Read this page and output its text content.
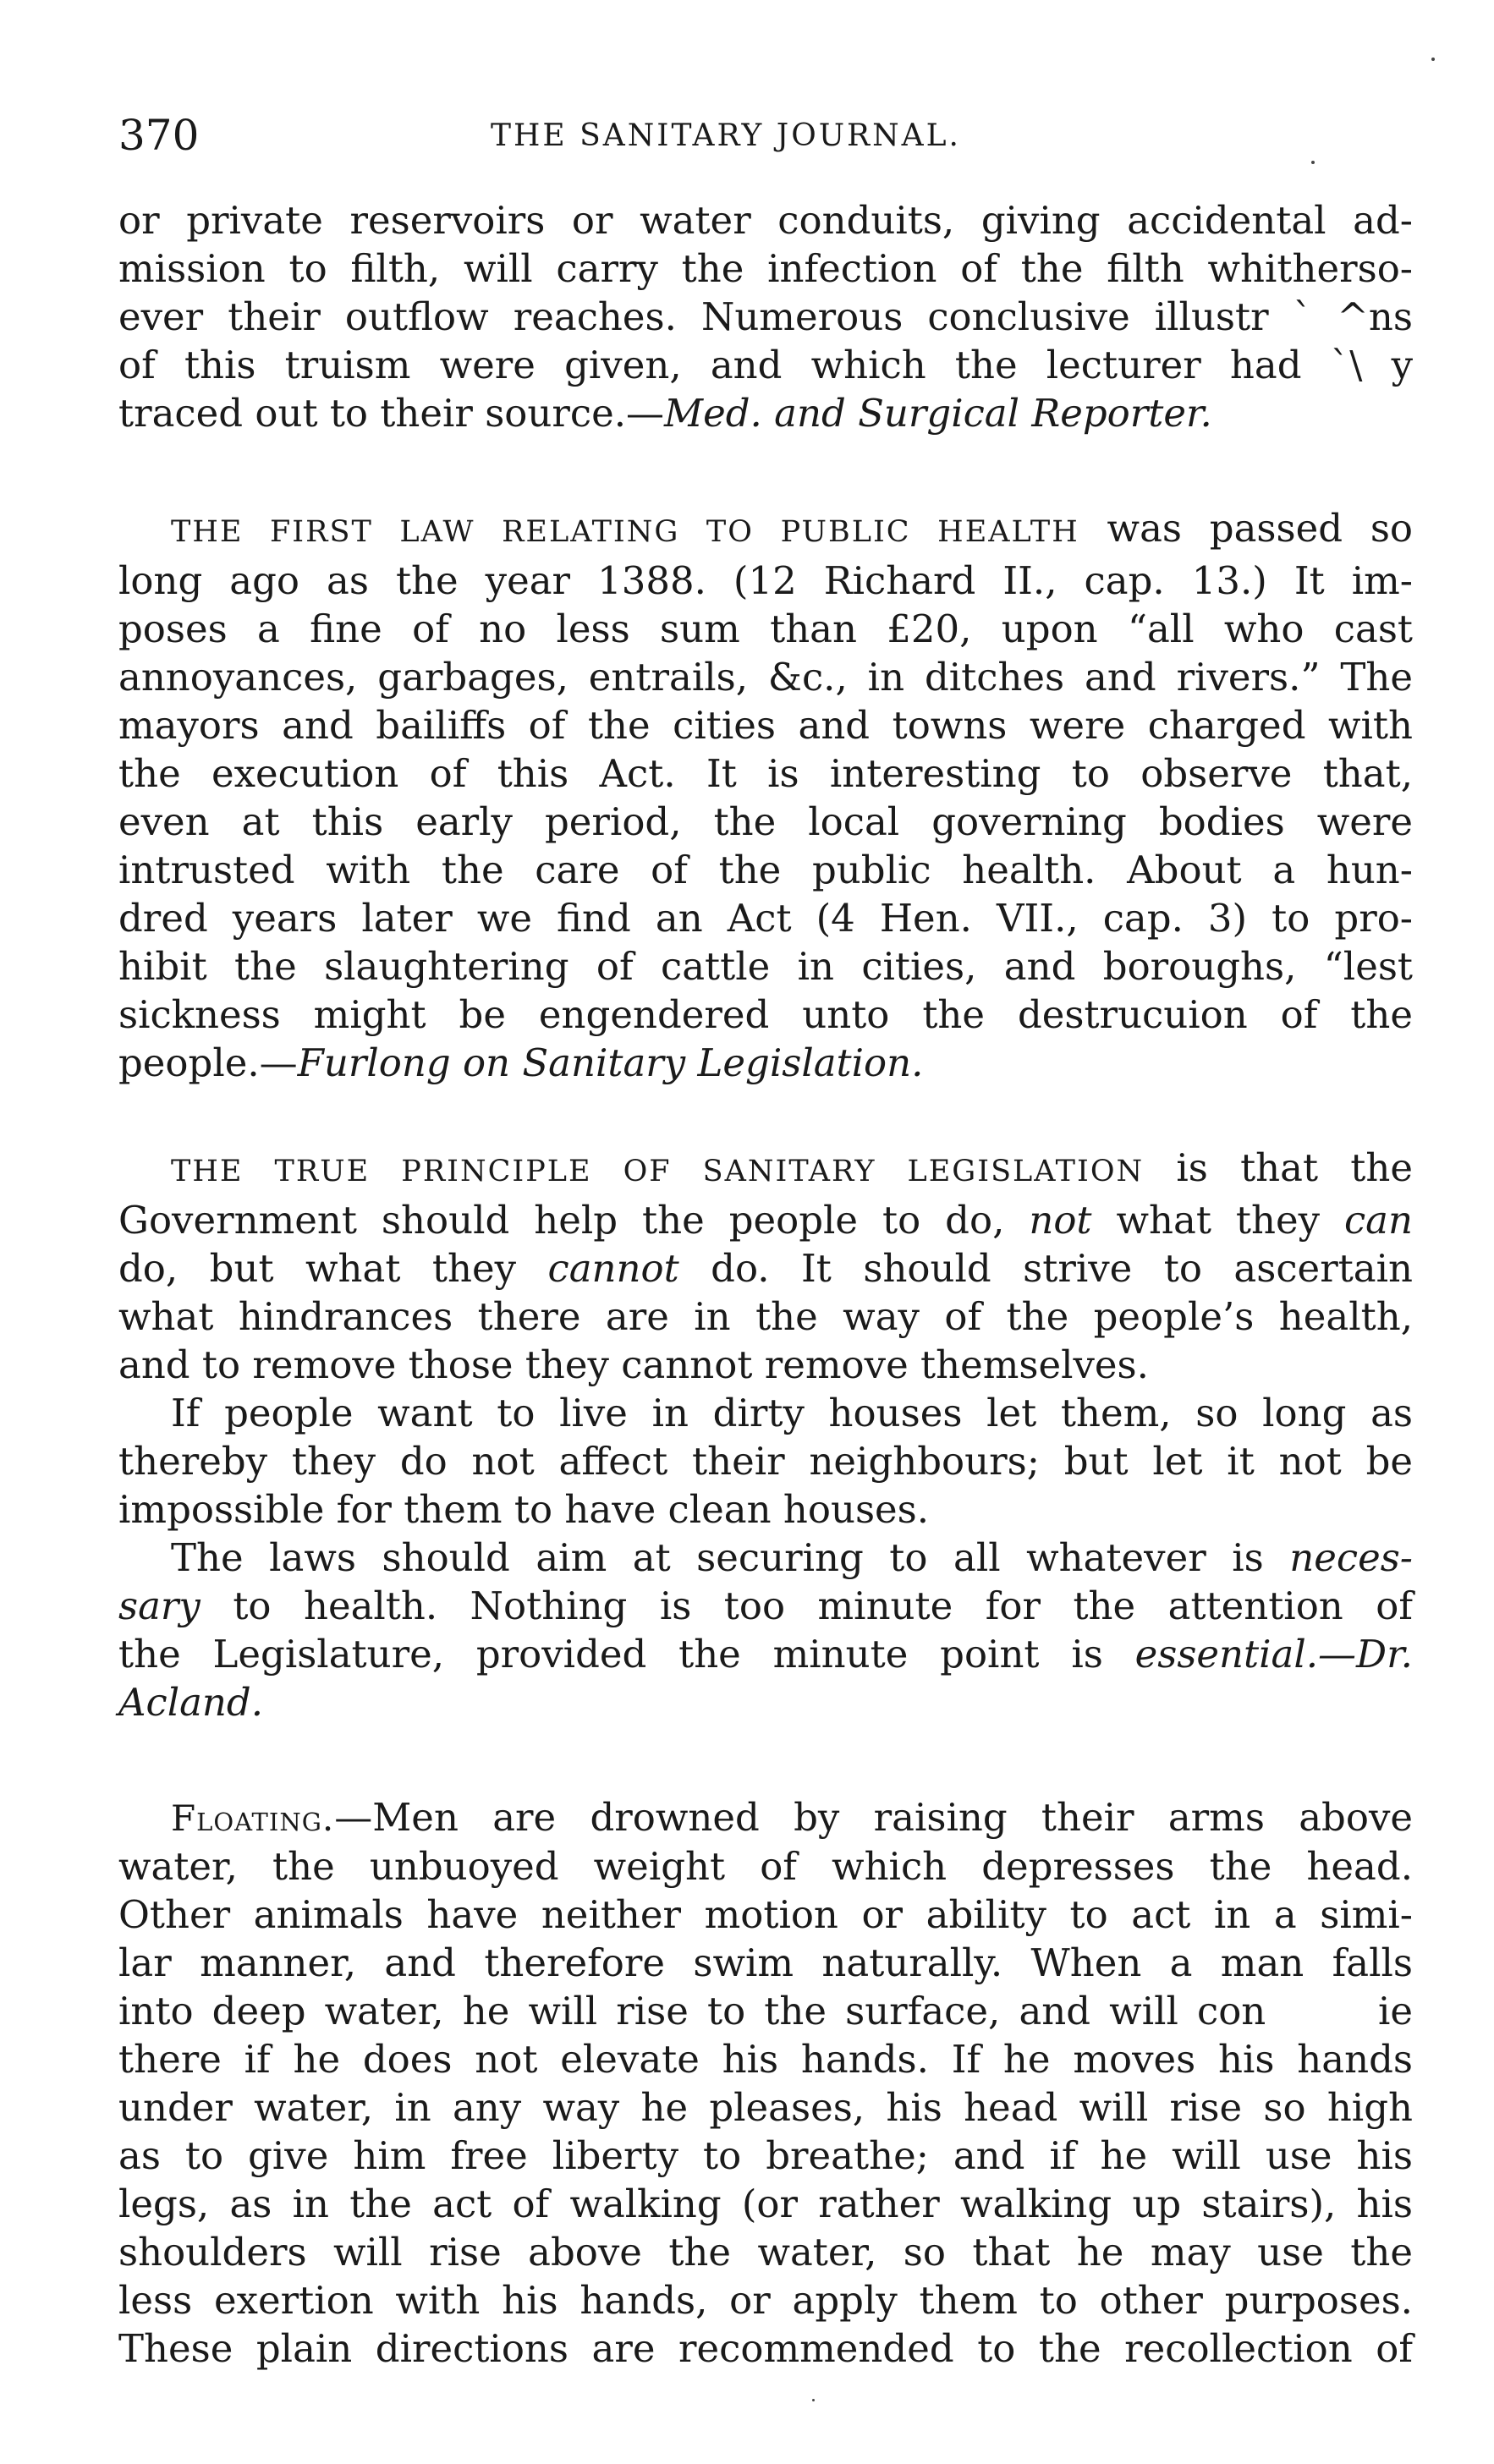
370	THE SANITARY JOURNAL.
or private reservoirs or water conduits, giving accidental ad-
mission to filth, will carry the infection of the filth whitherso-
ever their outflow reaches. Numerous conclusive illustr ` ^ns
of this truism were given, and which the lecturer had `\ y
traced out to their source.—Med. and Surgical Reporter.
THE FIRST LAW RELATING TO PUBLIC HEALTH was passed so
long ago as the year 1388. (12 Richard II., cap. 13.) It im-
poses a fine of no less sum than £20, upon “all who cast
annoyances, garbages, entrails, &c., in ditches and rivers.” The
mayors and bailiffs of the cities and towns were charged with
the execution of this Act. It is interesting to observe that,
even at this early period, the local governing bodies were
intrusted with the care of the public health. About a hun-
dred years later we find an Act (4 Hen. VII., cap. 3) to pro-
hibit the slaughtering of cattle in cities, and boroughs, “lest
sickness might be engendered unto the destrucuion of the
people.—Furlong on Sanitary Legislation.
THE TRUE PRINCIPLE OF SANITARY LEGISLATION is that the
Government should help the people to do, not what they can
do, but what they cannot do. It should strive to ascertain
what hindrances there are in the way of the people’s health,
and to remove those they cannot remove themselves.
If people want to live in dirty houses let them, so long as
thereby they do not affect their neighbours; but let it not be
impossible for them to have clean houses.
The laws should aim at securing to all whatever is neces-
sary to health. Nothing is too minute for the attention of
the Legislature, provided the minute point is essential.—Dr.
Acland.
Floating.—Men are drowned by raising their arms above
water, the unbuoyed weight of which depresses the head.
Other animals have neither motion or ability to act in a simi-
lar manner, and therefore swim naturally. When a man falls
into deep water, he will rise to the surface, and will con      ie
there if he does not elevate his hands. If he moves his hands
under water, in any way he pleases, his head will rise so high
as to give him free liberty to breathe; and if he will use his
legs, as in the act of walking (or rather walking up stairs), his
shoulders will rise above the water, so that he may use the
less exertion with his hands, or apply them to other purposes.
These plain directions are recommended to the recollection of
